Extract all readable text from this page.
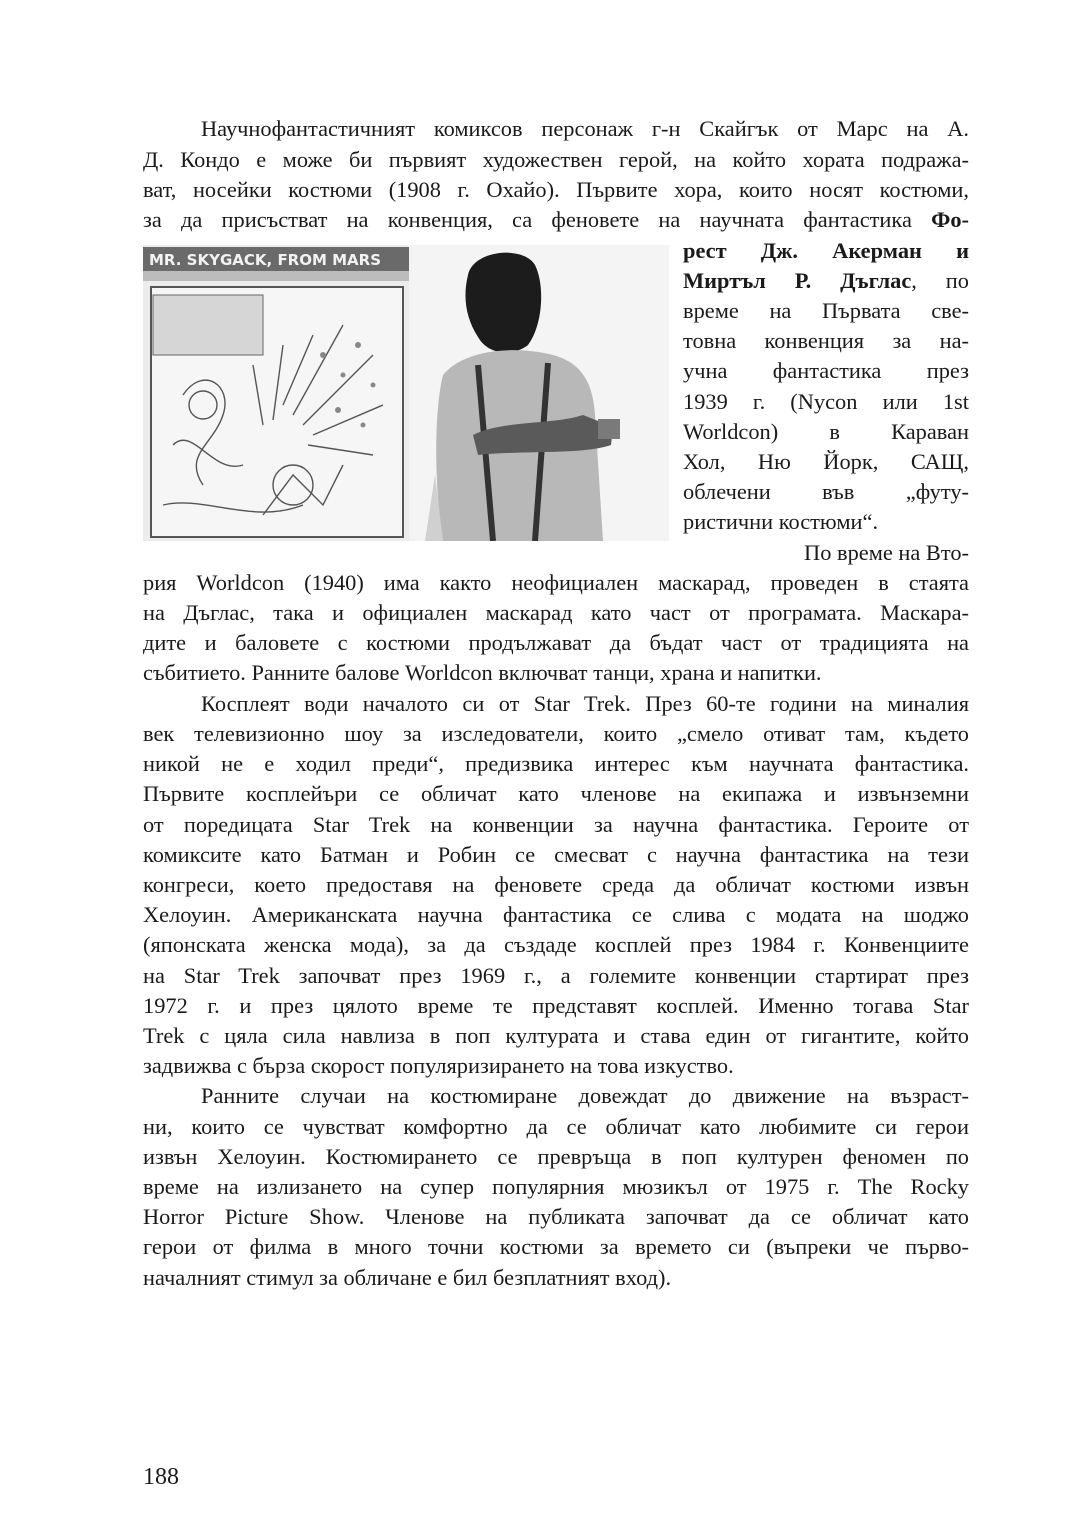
Научнофантастичният комиксов персонаж г-н Скайгък от Марс на А.
Д. Кондо е може би първият художествен герой, на който хората подража-
ват, носейки костюми (1908 г. Охайо). Първите хора, които носят костюми,
за да присъстват на конвенция, са феновете на научната фантастика Фо-
рест Дж. Акерман и
Миртъл Р. Дъглас, по
време на Първата све-
товна конвенция за на-
учна фантастика през
1939 г. (Nycon или 1st
Worldcon) в Караван
Хол, Ню Йорк, САЩ,
облечени във „футу-
ристични костюми“.
По време на Вто-
рия Worldcon (1940) има както неофициален маскарад, проведен в стаята
на Дъглас, така и официален маскарад като част от програмата. Маскара-
дите и баловете с костюми продължават да бъдат част от традицията на
събитието. Ранните балове Worldcon включват танци, храна и напитки.
Косплеят води началото си от Star Trek. През 60-те години на миналия
век телевизионно шоу за изследователи, които „смело отиват там, където
никой не е ходил преди“, предизвика интерес към научната фантастика.
Първите косплейъри се обличат като членове на екипажа и извънземни
от поредицата Star Trek на конвенции за научна фантастика. Героите от
комиксите като Батман и Робин се смесват с научна фантастика на тези
конгреси, което предоставя на феновете среда да обличат костюми извън
Хелоуин. Американската научна фантастика се слива с модата на шоджо
(японската женска мода), за да създаде косплей през 1984 г. Конвенциите
на Star Trek започват през 1969 г., а големите конвенции стартират през
1972 г. и през цялото време те представят косплей. Именно тогава Star
Trek с цяла сила навлиза в поп културата и става един от гигантите, който
задвижва с бърза скорост популяризирането на това изкуство.
Ранните случаи на костюмиране довеждат до движение на възраст-
ни, които се чувстват комфортно да се обличат като любимите си герои
извън Хелоуин. Костюмирането се превръща в поп културен феномен по
време на излизането на супер популярния мюзикъл от 1975 г. The Rocky
Horror Picture Show. Членове на публиката започват да се обличат като
герои от филма в много точни костюми за времето си (въпреки че първо-
началният стимул за обличане е бил безплатният вход).
MR. SKYGACK, FROM MARS
188
